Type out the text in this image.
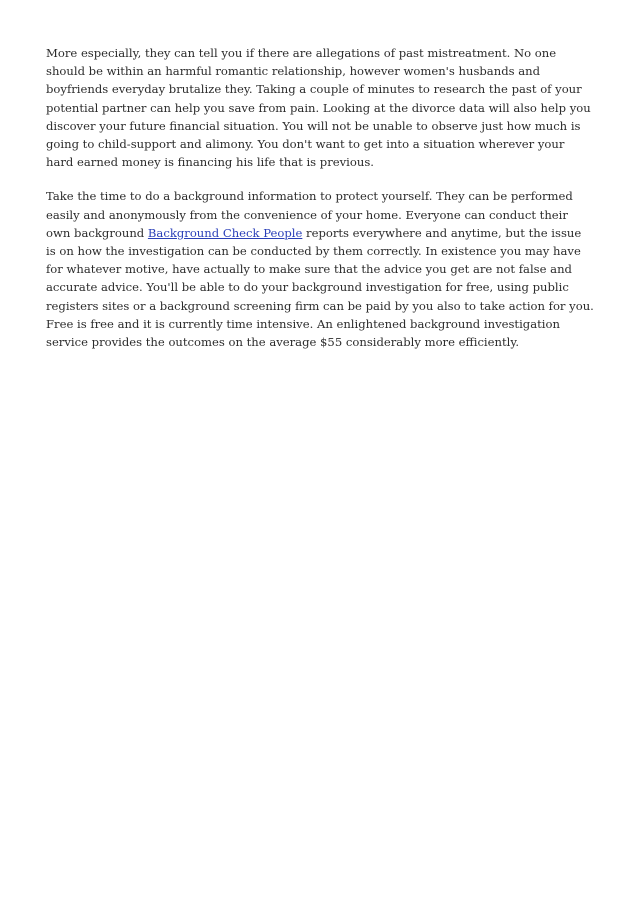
More especially, they can tell you if there are allegations of past mistreatment. No one should be within an harmful romantic relationship, however women's husbands and boyfriends everyday brutalize they. Taking a couple of minutes to research the past of your potential partner can help you save from pain. Looking at the divorce data will also help you discover your future financial situation. You will not be unable to observe just how much is going to child-support and alimony. You don't want to get into a situation wherever your hard earned money is financing his life that is previous.

Take the time to do a background information to protect yourself. They can be performed easily and anonymously from the convenience of your home. Everyone can conduct their own background Background Check People reports everywhere and anytime, but the issue is on how the investigation can be conducted by them correctly. In existence you may have for whatever motive, have actually to make sure that the advice you get are not false and accurate advice. You'll be able to do your background investigation for free, using public registers sites or a background screening firm can be paid by you also to take action for you. Free is free and it is currently time intensive. An enlightened background investigation service provides the outcomes on the average $55 considerably more efficiently.
